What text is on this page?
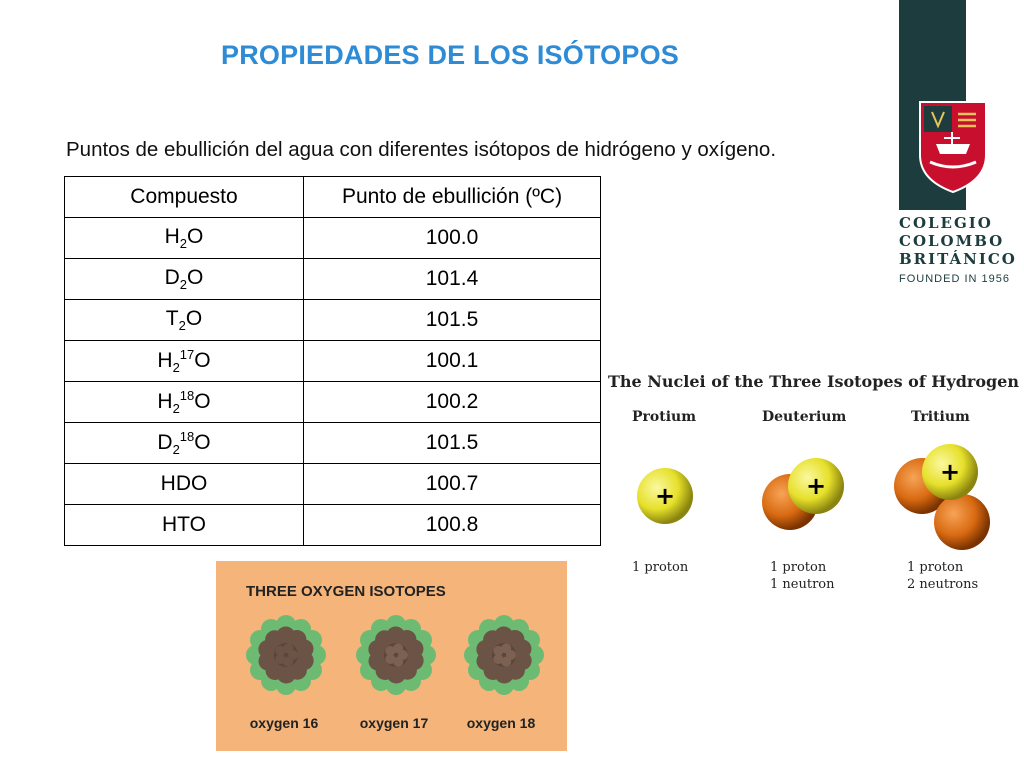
PROPIEDADES DE LOS ISÓTOPOS
Puntos de ebullición del agua con diferentes isótopos de hidrógeno y oxígeno.
COLEGIO
COLOMBO
BRITÁNICO
FOUNDED IN 1956
Compuesto	Punto de ebullición (ºC)
$H_2O$	100.0
$D_2O$	101.4
$T_2O$	101.5
$H_2^{17}O$	100.1
$H_2^{18}O$	100.2
$D_2^{18}O$	101.5
HDO	100.7
HTO	100.8
The Nuclei of the Three Isotopes of Hydrogen
Protium	Deuterium	Tritium
+	+	+
1 proton	1 proton
1 neutron
1 proton
2 neutrons
THREE OXYGEN ISOTOPES
oxygen 16	oxygen 17	oxygen 18
